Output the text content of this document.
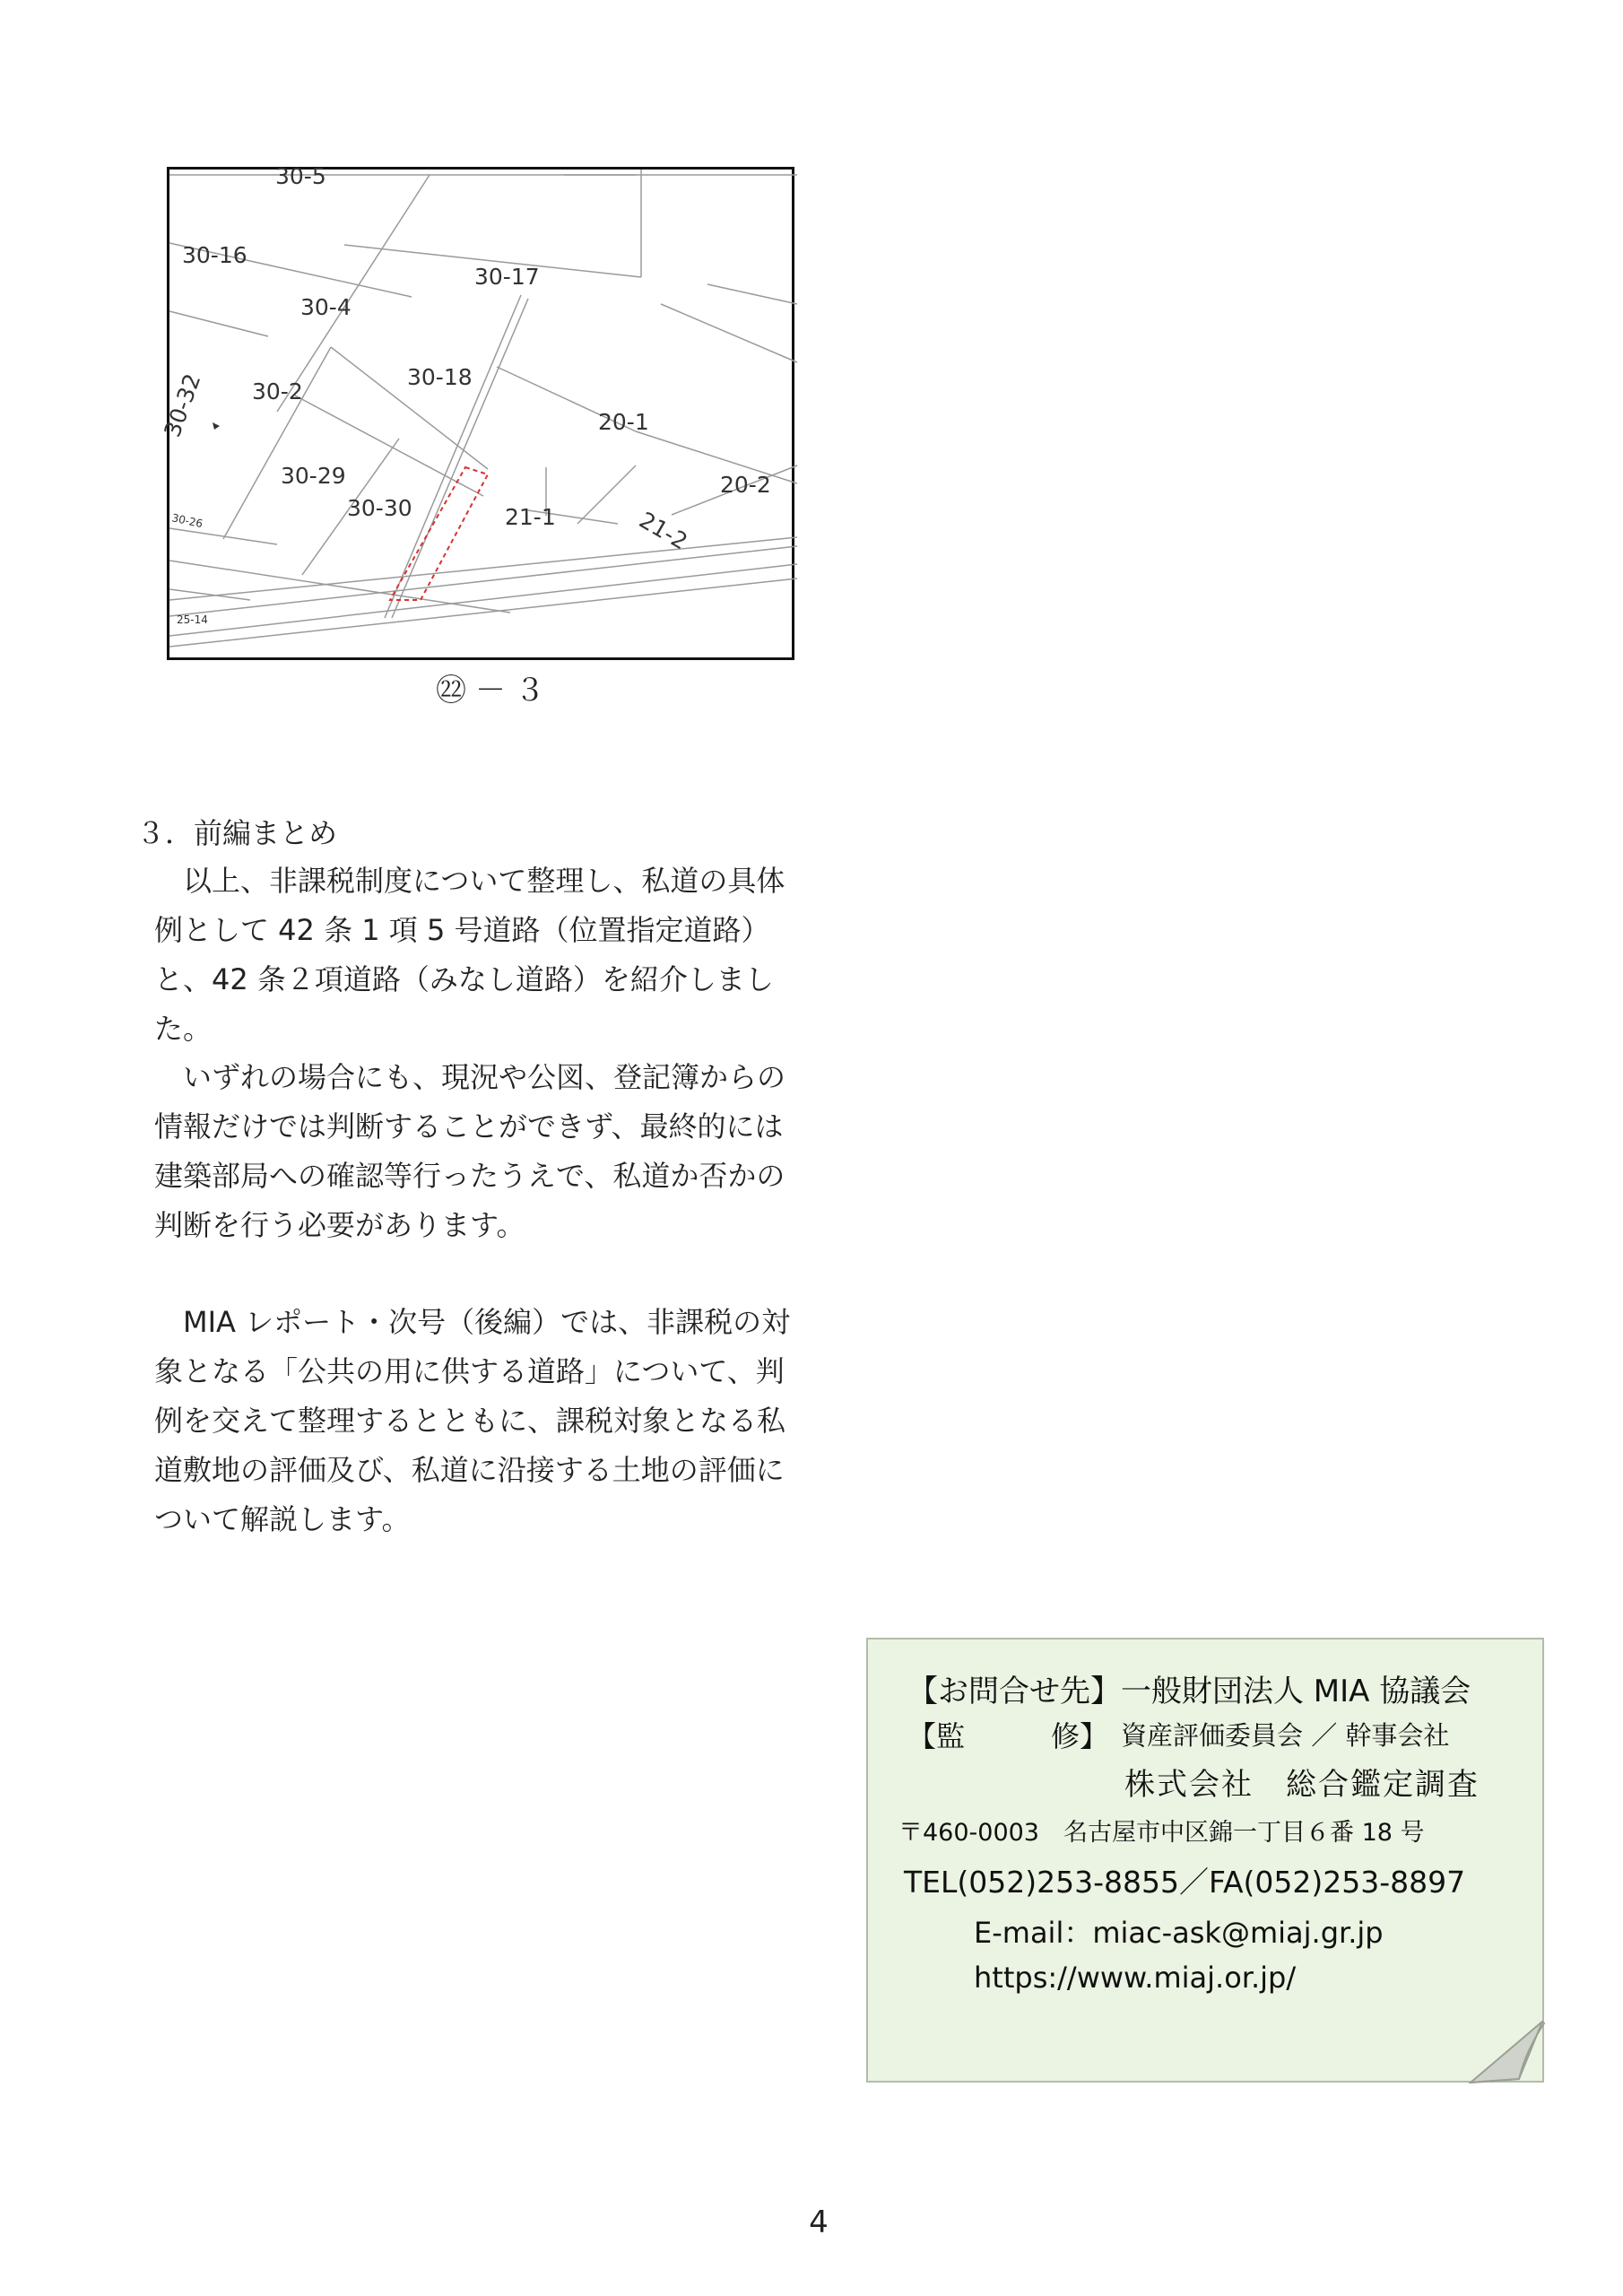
30-5
30-16
30-17
30-4
30-32	30-18
30-2
20-1
20-2
30-29
30-30	21-1	21-2
30-26
25-14
㉒－３
３．前編まとめ
　以上、非課税制度について整理し、私道の具体
例として 42 条 1 項 5 号道路（位置指定道路）
と、42 条２項道路（みなし道路）を紹介しまし
た。
　いずれの場合にも、現況や公図、登記簿からの
情報だけでは判断することができず、最終的には
建築部局への確認等行ったうえで、私道か否かの
判断を行う必要があります。
　MIA レポート・次号（後編）では、非課税の対
象となる「公共の用に供する道路」について、判
例を交えて整理するとともに、課税対象となる私
道敷地の評価及び、私道に沿接する土地の評価に
ついて解説します。
【お問合せ先】一般財団法人 MIA 協議会
【監　　　修】 資産評価委員会 ／ 幹事会社
株式会社　総合鑑定調査
〒460-0003　名古屋市中区錦一丁目６番 18 号
TEL(052)253-8855／FA(052)253-8897
E-mail：miac-ask@miaj.gr.jp
https://www.miaj.or.jp/
4
